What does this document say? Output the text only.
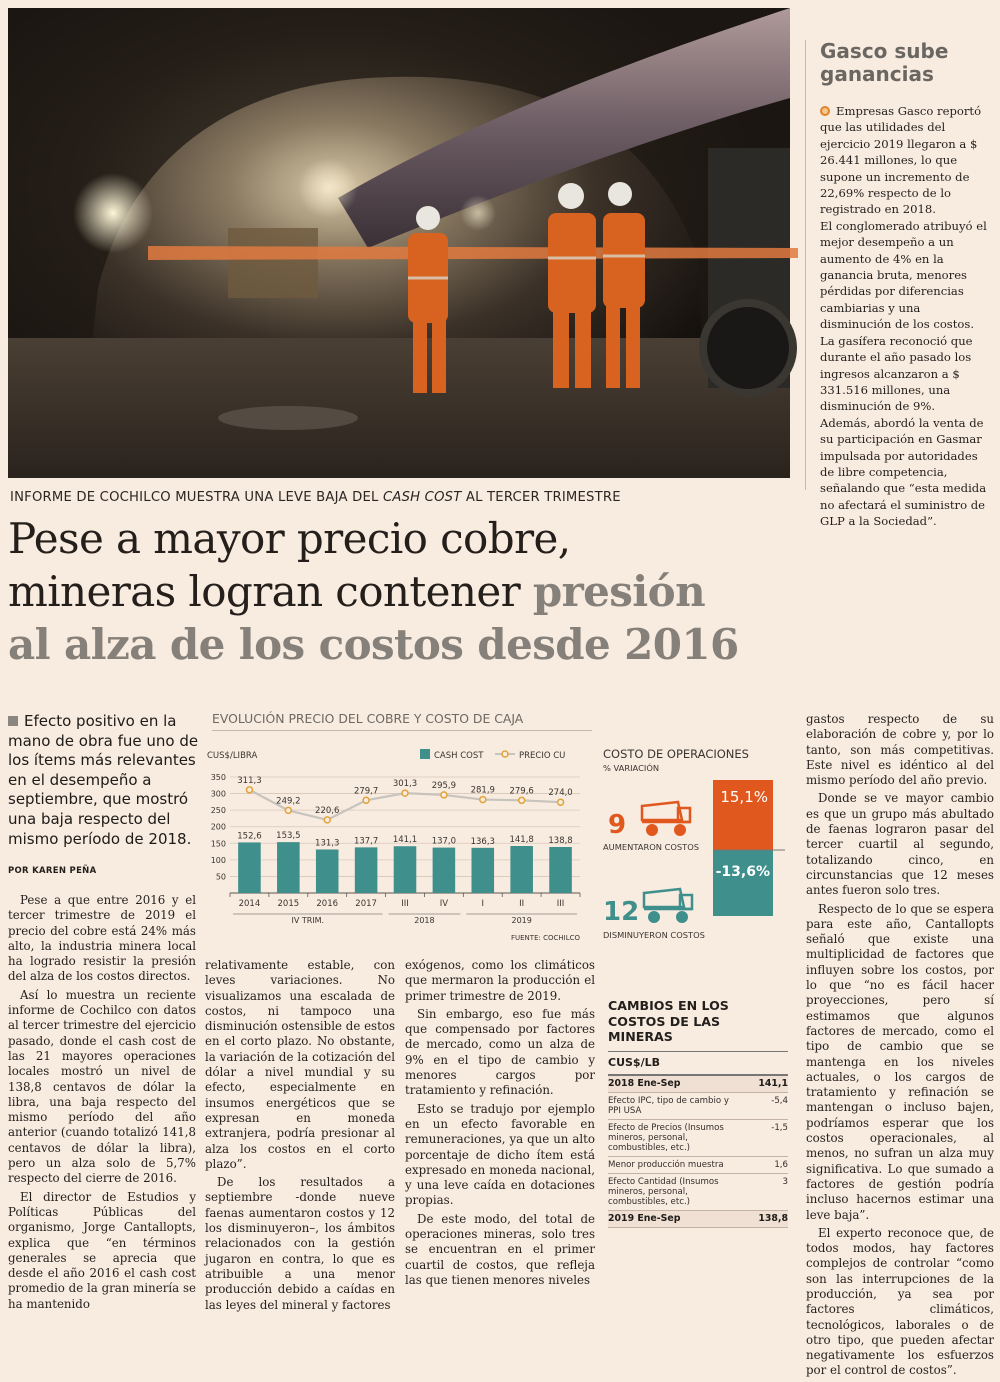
Gasco sube ganancias

Empresas Gasco reportó que las utilidades del ejercicio 2019 llegaron a $ 26.441 millones, lo que supone un incremento de 22,69% respecto de lo registrado en 2018.

El conglomerado atribuyó el mejor desempeño a un aumento de 4% en la ganancia bruta, menores pérdidas por diferencias cambiarias y una disminución de los costos.

La gasífera reconoció que durante el año pasado los ingresos alcanzaron a $ 331.516 millones, una disminución de 9%.

Además, abordó la venta de su participación en Gasmar impulsada por autoridades de libre competencia, señalando que “esta medida no afectará el suministro de GLP a la Sociedad”.

INFORME DE COCHILCO MUESTRA UNA LEVE BAJA DEL CASH COST AL TERCER TRIMESTRE
Pese a mayor precio cobre,
mineras logran contener presión
al alza de los costos desde 2016
Efecto positivo en la mano de obra fue uno de los ítems más relevantes en el desempeño a septiembre, que mostró una baja respecto del mismo período de 2018.
POR KAREN PEÑA

Pese a que entre 2016 y el tercer trimestre de 2019 el precio del cobre está 24% más alto, la industria minera local ha logrado resistir la presión del alza de los costos directos.

Así lo muestra un reciente informe de Cochilco con datos al tercer trimestre del ejercicio pasado, donde el cash cost de las 21 mayores operaciones locales mostró un nivel de 138,8 centavos de dólar la libra, una baja respecto del mismo período del año anterior (cuando totalizó 141,8 centavos de dólar la libra), pero un alza solo de 5,7% respecto del cierre de 2016.

El director de Estudios y Políticas Públicas del organismo, Jorge Cantallopts, explica que “en términos generales se aprecia que desde el año 2016 el cash cost promedio de la gran minería se ha mantenido

relativamente estable, con leves variaciones. No visualizamos una escalada de costos, ni tampoco una disminución ostensible de estos en el corto plazo. No obstante, la variación de la cotización del dólar a nivel mundial y su efecto, especialmente en insumos energéticos que se expresan en moneda extranjera, podría presionar al alza los costos en el corto plazo”.

De los resultados a septiembre -donde nueve faenas aumentaron costos y 12 los disminuyeron–, los ámbitos relacionados con la gestión jugaron en contra, lo que es atribuible a una menor producción debido a caídas en las leyes del mineral y factores

exógenos, como los climáticos que mermaron la producción el primer trimestre de 2019.

Sin embargo, eso fue más que compensado por factores de mercado, como un alza de 9% en el tipo de cambio y menores cargos por tratamiento y refinación.

Esto se tradujo por ejemplo en un efecto favorable en remuneraciones, ya que un alto porcentaje de dicho ítem está expresado en moneda nacional, y una leve caída en dotaciones propias.

De este modo, del total de operaciones mineras, solo tres se encuentran en el primer cuartil de costos, que refleja las que tienen menores niveles

gastos respecto de su elaboración de cobre y, por lo tanto, son más competitivas. Este nivel es idéntico al del mismo período del año previo.

Donde se ve mayor cambio es que un grupo más abultado de faenas lograron pasar del tercer cuartil al segundo, totalizando cinco, en circunstancias que 12 meses antes fueron solo tres.

Respecto de lo que se espera para este año, Cantallopts señaló que existe una multiplicidad de factores que influyen sobre los costos, por lo que “no es fácil hacer proyecciones, pero sí estimamos que algunos factores de mercado, como el tipo de cambio que se mantenga en los niveles actuales, o los cargos de tratamiento y refinación se mantengan o incluso bajen, podríamos esperar que los costos operacionales, al menos, no sufran un alza muy significativa. Lo que sumado a factores de gestión podría incluso hacernos estimar una leve baja”.

El experto reconoce que, de todos modos, hay factores complejos de controlar “como son las interrupciones de la producción, ya sea por factores climáticos, tecnológicos, laborales o de otro tipo, que pueden afectar negativamente los esfuerzos por el control de costos”.

EVOLUCIÓN PRECIO DEL COBRE Y COSTO DE CAJA
CUS$/LIBRA	CASH COST	PRECIO CU
50
100
150
200
250
300
350
152,6 153,5
131,3 137,7 141,1 137,0 136,3 141,8 138,8
311,3
249,2
220,6
279,7
301,3 295,9 281,9 279,6 274,0
2014 2015 2016 2017	III	IV	I	II	III
IV TRIM.	2018	2019
FUENTE: COCHILCO
COSTO DE OPERACIONES
% VARIACIÓN
15,1%
-13,6%
9
AUMENTARON COSTOS
12
DISMINUYERON COSTOS
CAMBIOS EN LOS COSTOS DE LAS MINERAS
CUS$/LB
2018 Ene-Sep	141,1
Efecto IPC, tipo de cambio y PPI USA
-5,4
Efecto de Precios (Insumos mineros, personal, combustibles, etc.)
-1,5
Menor producción muestra	1,6
Efecto Cantidad (Insumos mineros, personal, combustibles, etc.)
3
2019 Ene-Sep	138,8
